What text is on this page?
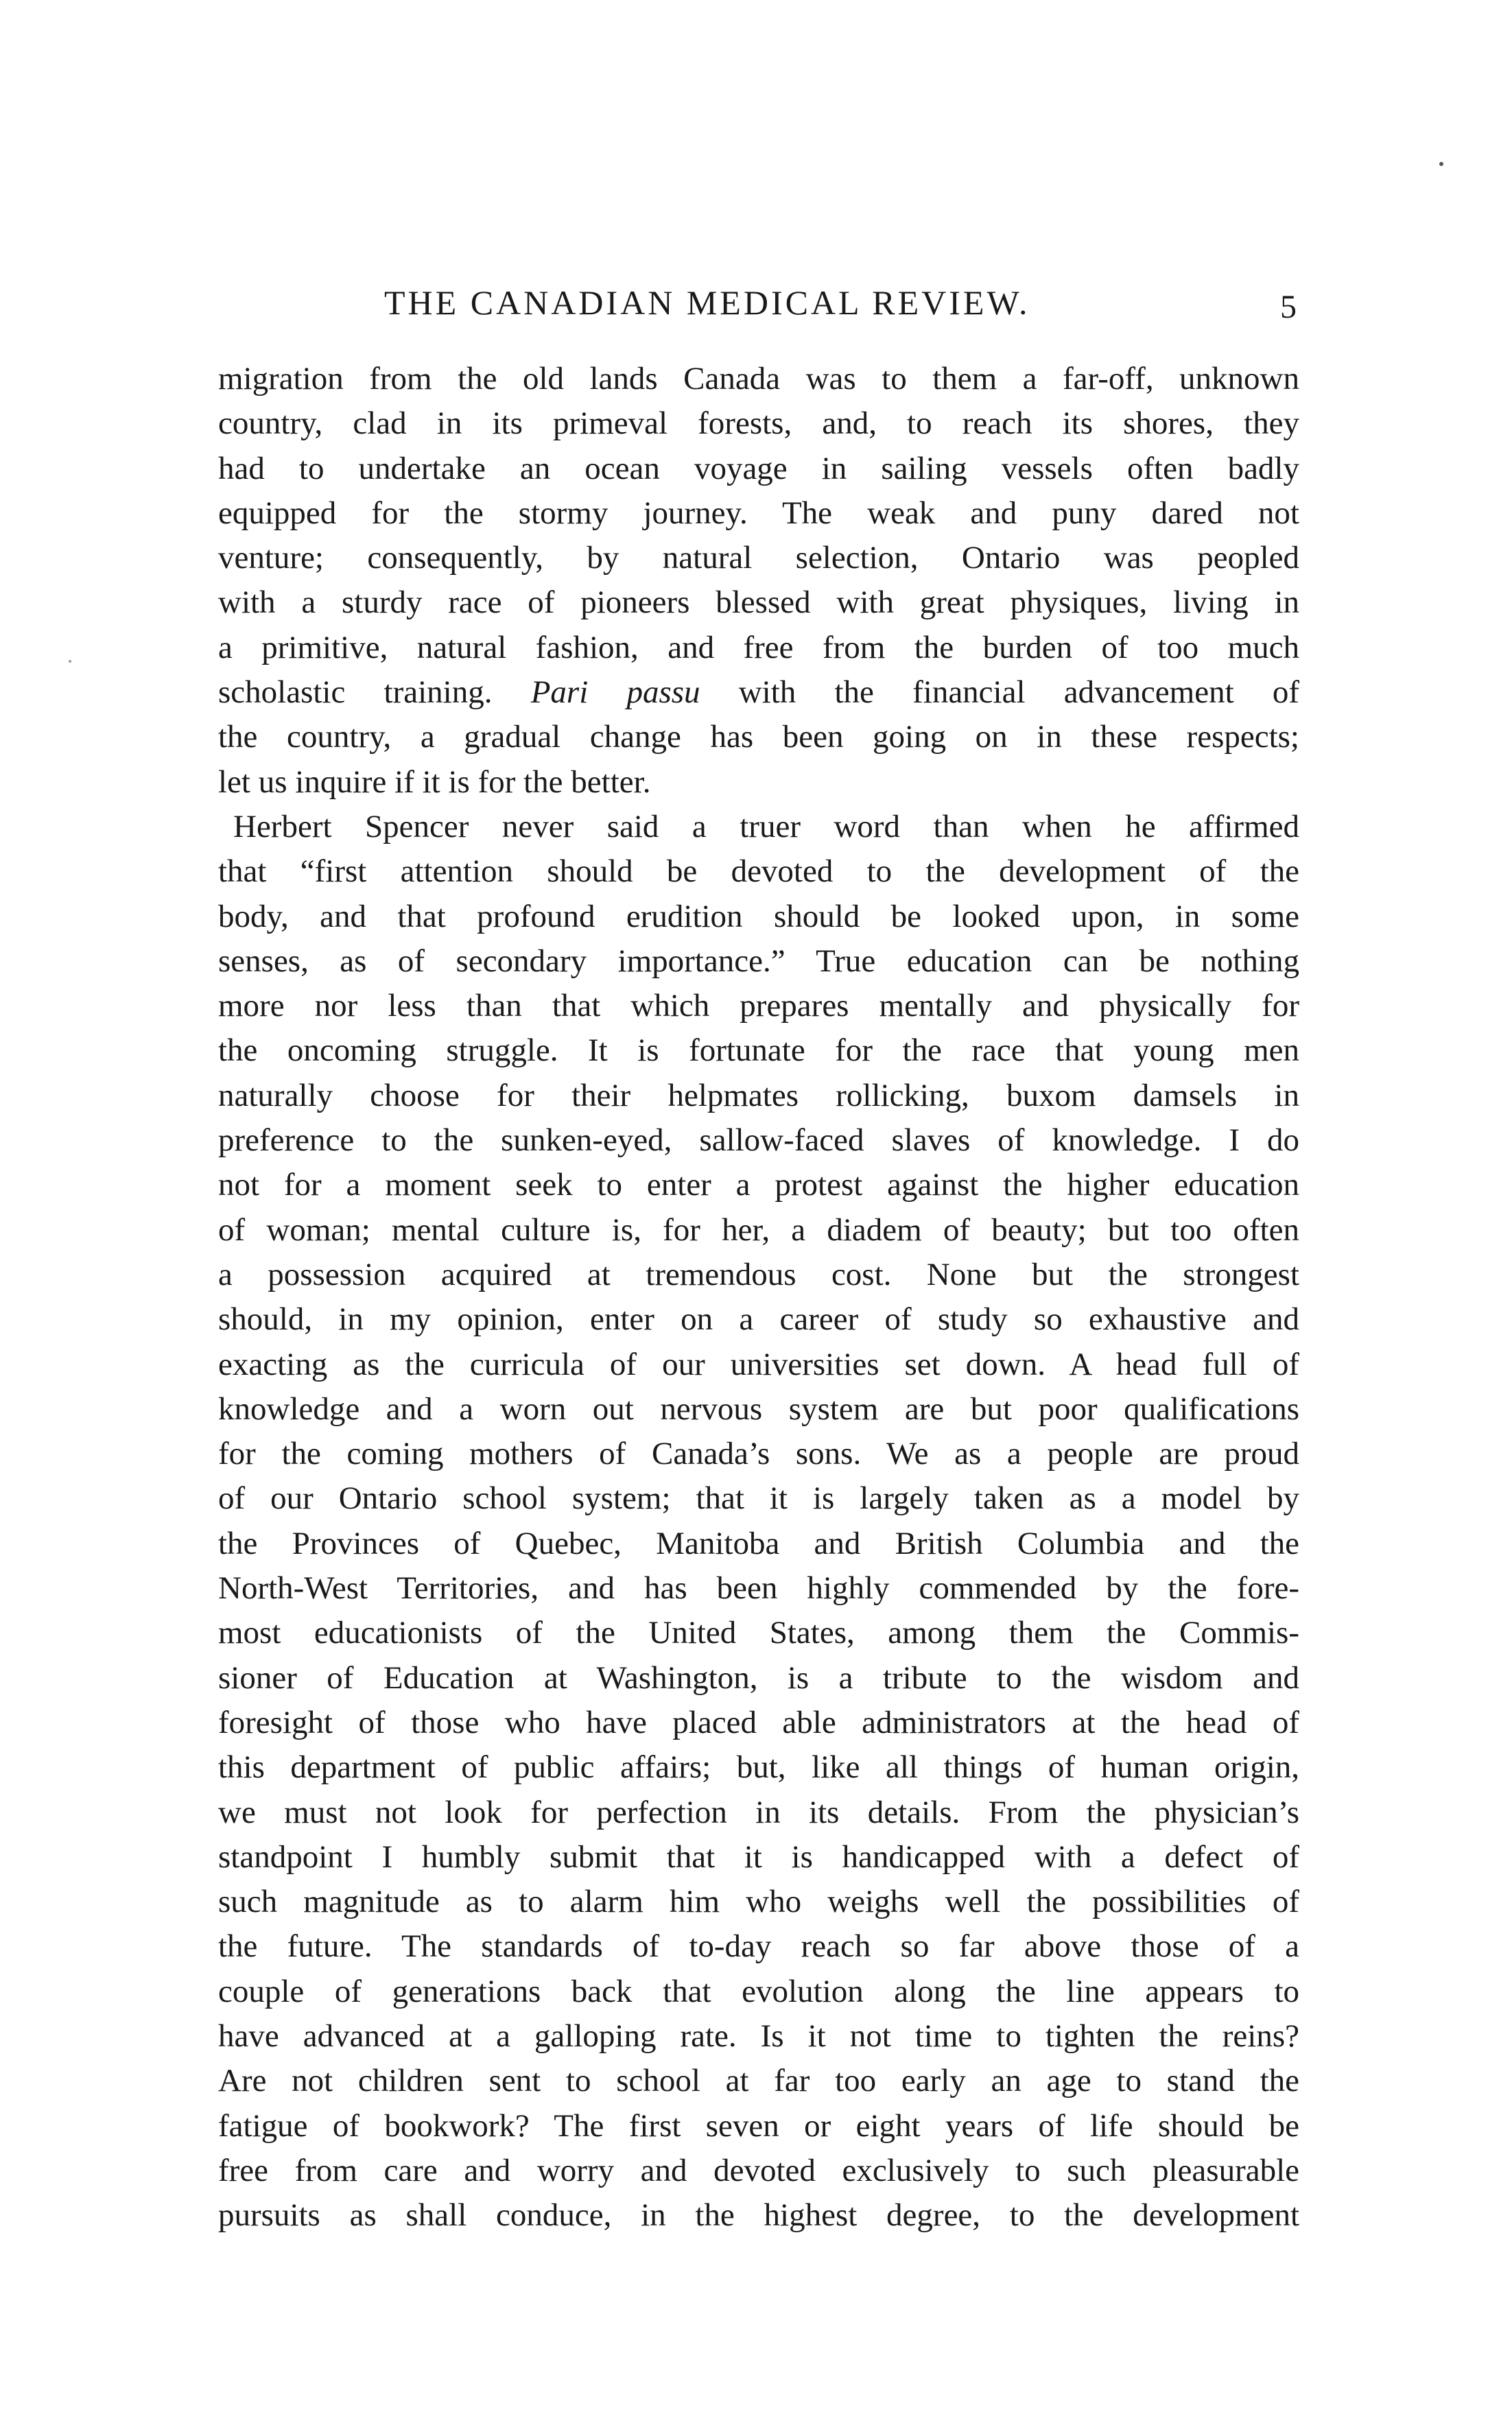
THE CANADIAN MEDICAL REVIEW.	5
migration from the old lands Canada was to them a far-off, unknown
country, clad in its primeval forests, and, to reach its shores, they
had to undertake an ocean voyage in sailing vessels often badly
equipped for the stormy journey. The weak and puny dared not
venture; consequently, by natural selection, Ontario was peopled
with a sturdy race of pioneers blessed with great physiques, living in
a primitive, natural fashion, and free from the burden of too much
scholastic training. Pari passu with the financial advancement of
the country, a gradual change has been going on in these respects;
let us inquire if it is for the better.
Herbert Spencer never said a truer word than when he affirmed
that “first attention should be devoted to the development of the
body, and that profound erudition should be looked upon, in some
senses, as of secondary importance.” True education can be nothing
more nor less than that which prepares mentally and physically for
the oncoming struggle. It is fortunate for the race that young men
naturally choose for their helpmates rollicking, buxom damsels in
preference to the sunken-eyed, sallow-faced slaves of knowledge. I do
not for a moment seek to enter a protest against the higher education
of woman; mental culture is, for her, a diadem of beauty; but too often
a possession acquired at tremendous cost. None but the strongest
should, in my opinion, enter on a career of study so exhaustive and
exacting as the curricula of our universities set down. A head full of
knowledge and a worn out nervous system are but poor qualifications
for the coming mothers of Canada’s sons. We as a people are proud
of our Ontario school system; that it is largely taken as a model by
the Provinces of Quebec, Manitoba and British Columbia and the
North-West Territories, and has been highly commended by the fore-
most educationists of the United States, among them the Commis-
sioner of Education at Washington, is a tribute to the wisdom and
foresight of those who have placed able administrators at the head of
this department of public affairs; but, like all things of human origin,
we must not look for perfection in its details. From the physician’s
standpoint I humbly submit that it is handicapped with a defect of
such magnitude as to alarm him who weighs well the possibilities of
the future. The standards of to-day reach so far above those of a
couple of generations back that evolution along the line appears to
have advanced at a galloping rate. Is it not time to tighten the reins?
Are not children sent to school at far too early an age to stand the
fatigue of bookwork? The first seven or eight years of life should be
free from care and worry and devoted exclusively to such pleasurable
pursuits as shall conduce, in the highest degree, to the development
